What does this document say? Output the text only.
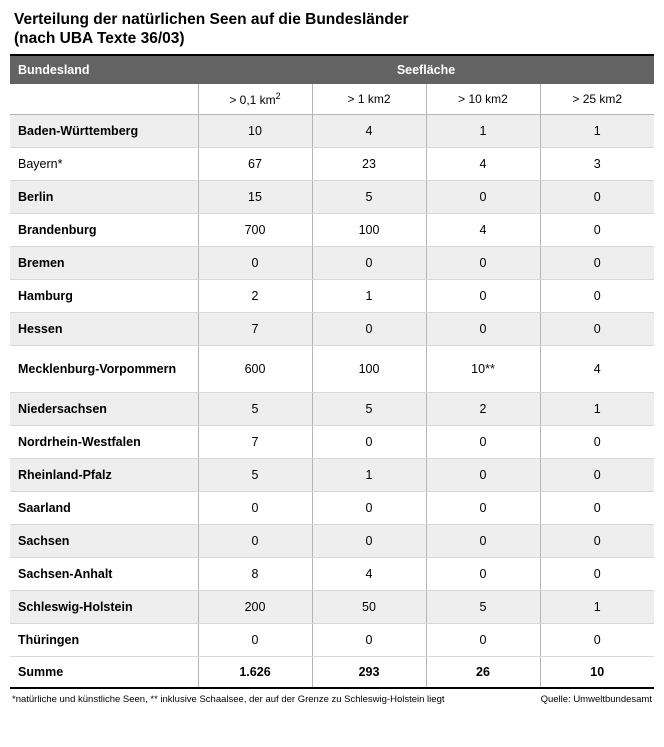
Verteilung der natürlichen Seen auf die Bundesländer
(nach UBA Texte 36/03)
Bundesland	Seefläche			
	> 0,1 $km^2$	> 1 km2	> 10 km2	> 25 km2
Baden-Württemberg	10	4	1	1
Bayern*	67	23	4	3
Berlin	15	5	0	0
Brandenburg	700	100	4	0
Bremen	0	0	0	0
Hamburg	2	1	0	0
Hessen	7	0	0	0
Mecklenburg-Vorpommern	600	100	10**	4
Niedersachsen	5	5	2	1
Nordrhein-Westfalen	7	0	0	0
Rheinland-Pfalz	5	1	0	0
Saarland	0	0	0	0
Sachsen	0	0	0	0
Sachsen-Anhalt	8	4	0	0
Schleswig-Holstein	200	50	5	1
Thüringen	0	0	0	0
Summe	1.626	293	26	10
*natürliche und künstliche Seen, ** inklusive Schaalsee, der auf der Grenze zu Schleswig-Holstein liegt	Quelle: Umweltbundesamt
